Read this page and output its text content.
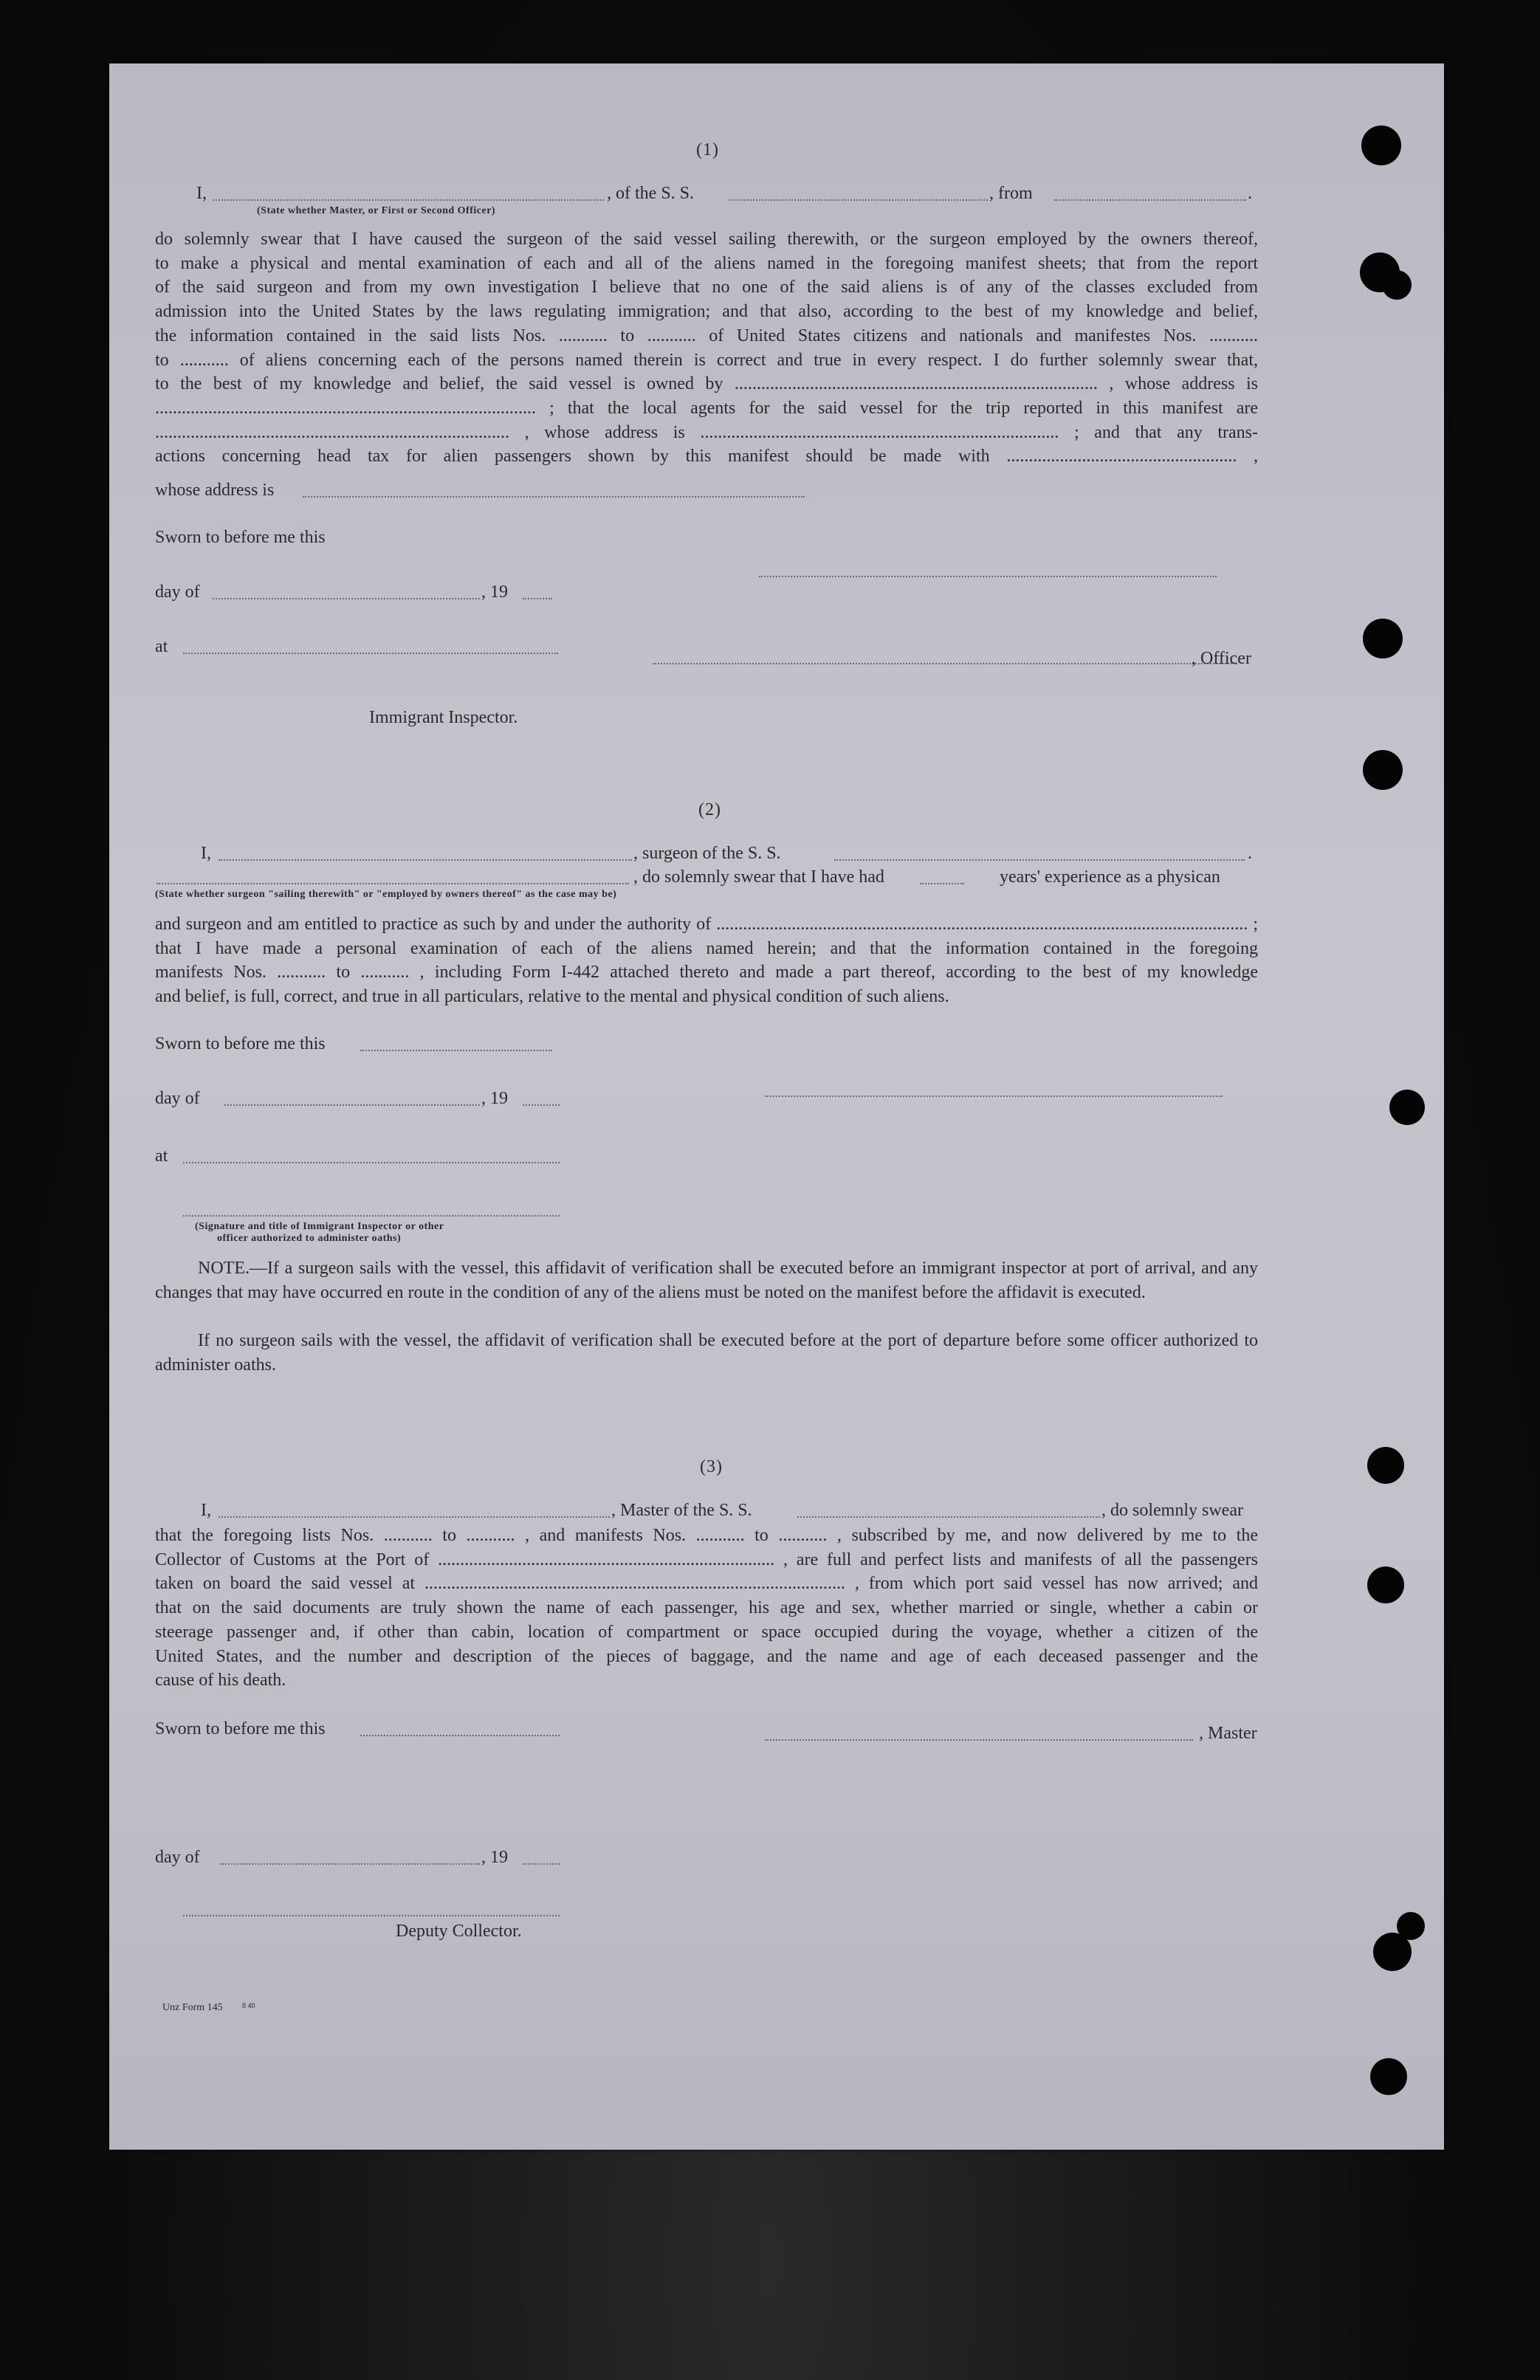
(1)
I,	, of the S. S.	, from	.
(State whether Master, or First or Second Officer)
do solemnly swear that I have caused the surgeon of the said vessel sailing therewith, or the surgeon employed by the owners thereof,
to make a physical and mental examination of each and all of the aliens named in the foregoing manifest sheets; that from the report
of the said surgeon and from my own investigation I believe that no one of the said aliens is of any of the classes excluded from
admission into the United States by the laws regulating immigration; and that also, according to the best of my knowledge and belief,
the information contained in the said lists Nos. ........... to ........... of United States citizens and nationals and manifestes Nos. ...........
to ........... of aliens concerning each of the persons named therein is correct and true in every respect. I do further solemnly swear that,
to the best of my knowledge and belief, the said vessel is owned by .................................................................................. , whose address is
...................................................................................... ; that the local agents for the said vessel for the trip reported in this manifest are
................................................................................ , whose address is ................................................................................. ; and that any trans-
actions concerning head tax for alien passengers shown by this manifest should be made with .................................................... ,
whose address is
Sworn to before me this
day of	, 19
at
, Officer
Immigrant Inspector.
(2)
I,	, surgeon of the S. S.	.
, do solemnly swear that I have had	years' experience as a physican
(State whether surgeon "sailing therewith" or "employed by owners thereof" as the case may be)
and surgeon and am entitled to practice as such by and under the authority of ........................................................................................................................ ;
that I have made a personal examination of each of the aliens named herein; and that the information contained in the foregoing
manifests Nos. ........... to ........... , including Form I-442 attached thereto and made a part thereof, according to the best of my knowledge
and belief, is full, correct, and true in all particulars, relative to the mental and physical condition of such aliens.
Sworn to before me this
day of	, 19
at
(Signature and title of Immigrant Inspector or other
officer authorized to administer oaths)
NOTE.—If a surgeon sails with the vessel, this affidavit of verification shall be executed before an immigrant inspector at port of arrival, and any changes that may have occurred en route in the condition of any of the aliens must be noted on the manifest before the affidavit is executed.
If no surgeon sails with the vessel, the affidavit of verification shall be executed before at the port of departure before some officer authorized to administer oaths.
(3)
I,	, Master of the S. S.	, do solemnly swear
that the foregoing lists Nos. ........... to ........... , and manifests Nos. ........... to ........... , subscribed by me, and now delivered by me to the
Collector of Customs at the Port of ............................................................................ , are full and perfect lists and manifests of all the passengers
taken on board the said vessel at ............................................................................................... , from which port said vessel has now arrived; and
that on the said documents are truly shown the name of each passenger, his age and sex, whether married or single, whether a cabin or
steerage passenger and, if other than cabin, location of compartment or space occupied during the voyage, whether a citizen of the
United States, and the number and description of the pieces of baggage, and the name and age of each deceased passenger and the
cause of his death.
Sworn to before me this	, Master
day of	, 19
Deputy Collector.
Unz Form 145	8 40
